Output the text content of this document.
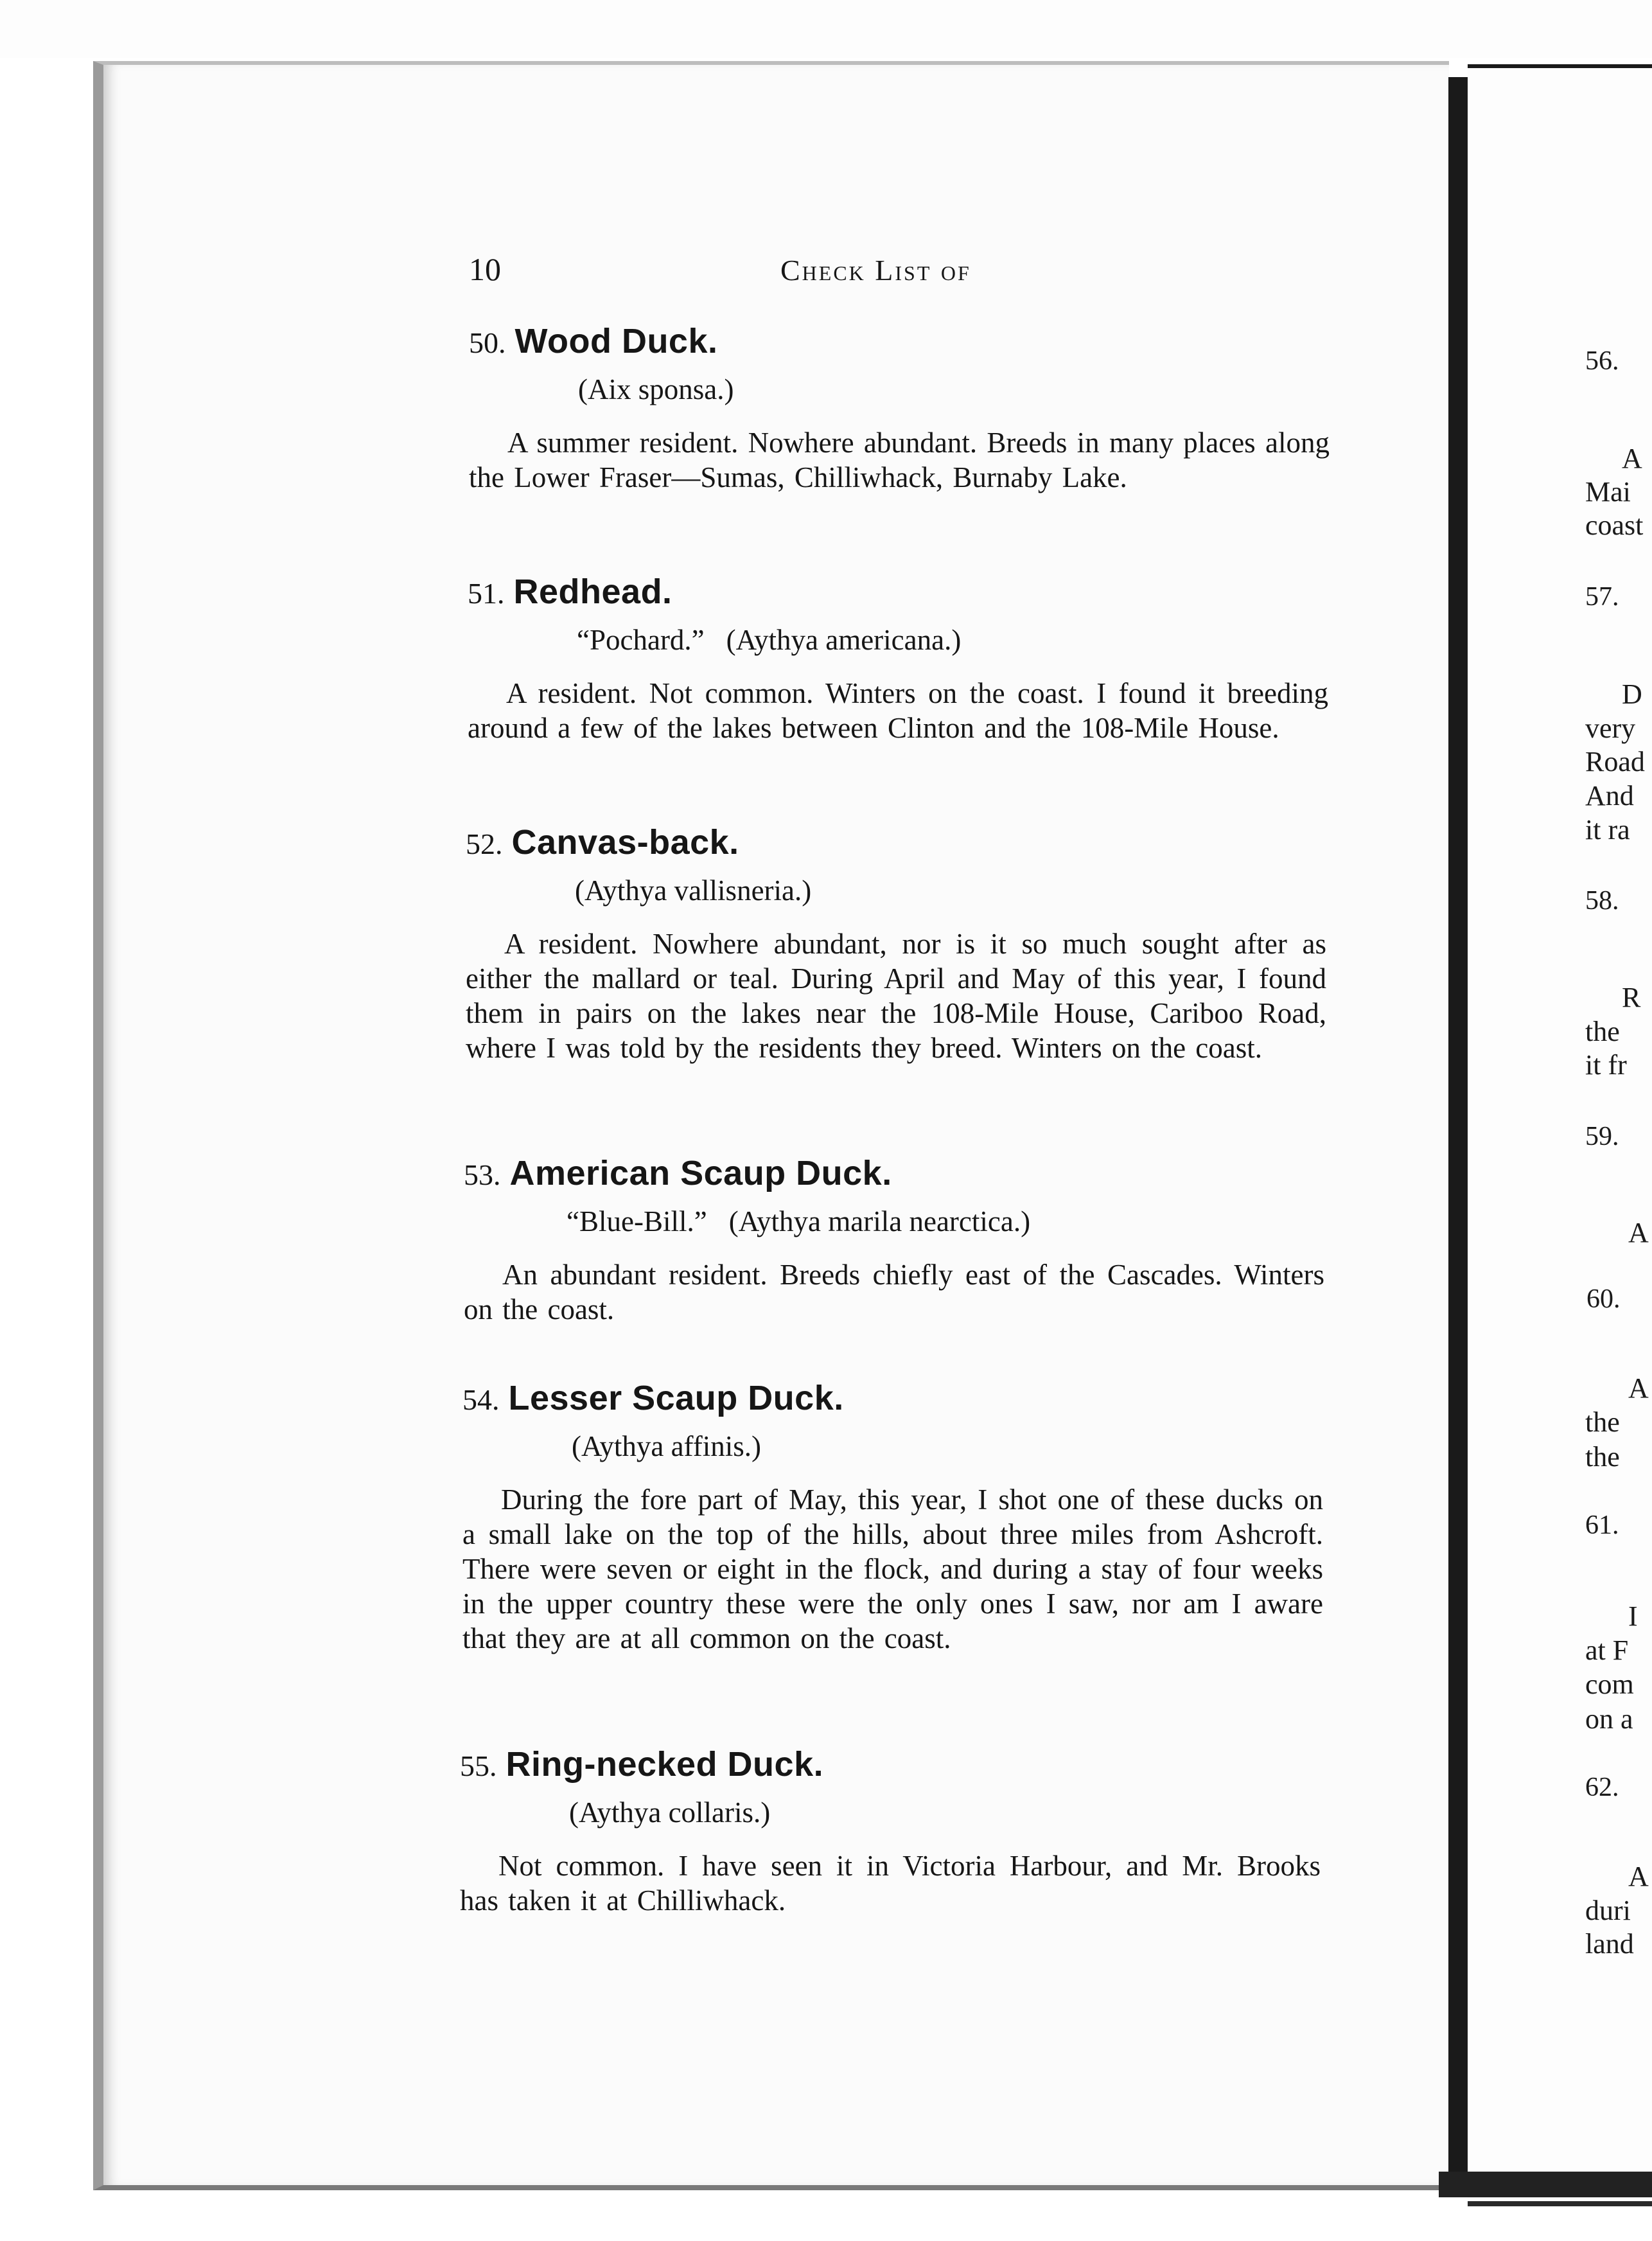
10	Check List of
50. Wood Duck.
(Aix sponsa.)
A summer resident. Nowhere abundant. Breeds in many places along the Lower Fraser—Sumas, Chilliwhack, Burnaby Lake.
51. Redhead.
“Pochard.” (Aythya americana.)
A resident. Not common. Winters on the coast. I found it breeding around a few of the lakes between Clinton and the 108-Mile House.
52. Canvas-back.
(Aythya vallisneria.)
A resident. Nowhere abundant, nor is it so much sought after as either the mallard or teal. During April and May of this year, I found them in pairs on the lakes near the 108-Mile House, Cariboo Road, where I was told by the residents they breed. Winters on the coast.
53. American Scaup Duck.
“Blue-Bill.” (Aythya marila nearctica.)
An abundant resident. Breeds chiefly east of the Cascades. Winters on the coast.
54. Lesser Scaup Duck.
(Aythya affinis.)
During the fore part of May, this year, I shot one of these ducks on a small lake on the top of the hills, about three miles from Ashcroft. There were seven or eight in the flock, and during a stay of four weeks in the upper country these were the only ones I saw, nor am I aware that they are at all common on the coast.
55. Ring-necked Duck.
(Aythya collaris.)
Not common. I have seen it in Victoria Harbour, and Mr. Brooks has taken it at Chilliwhack.
56.
A
Mai
coast
57.
D
very
Road
And
it ra
58.
R
the
it fr
59.
A
60.
A
the
the
61.
I
at F
com
on a
62.
A
duri
land
